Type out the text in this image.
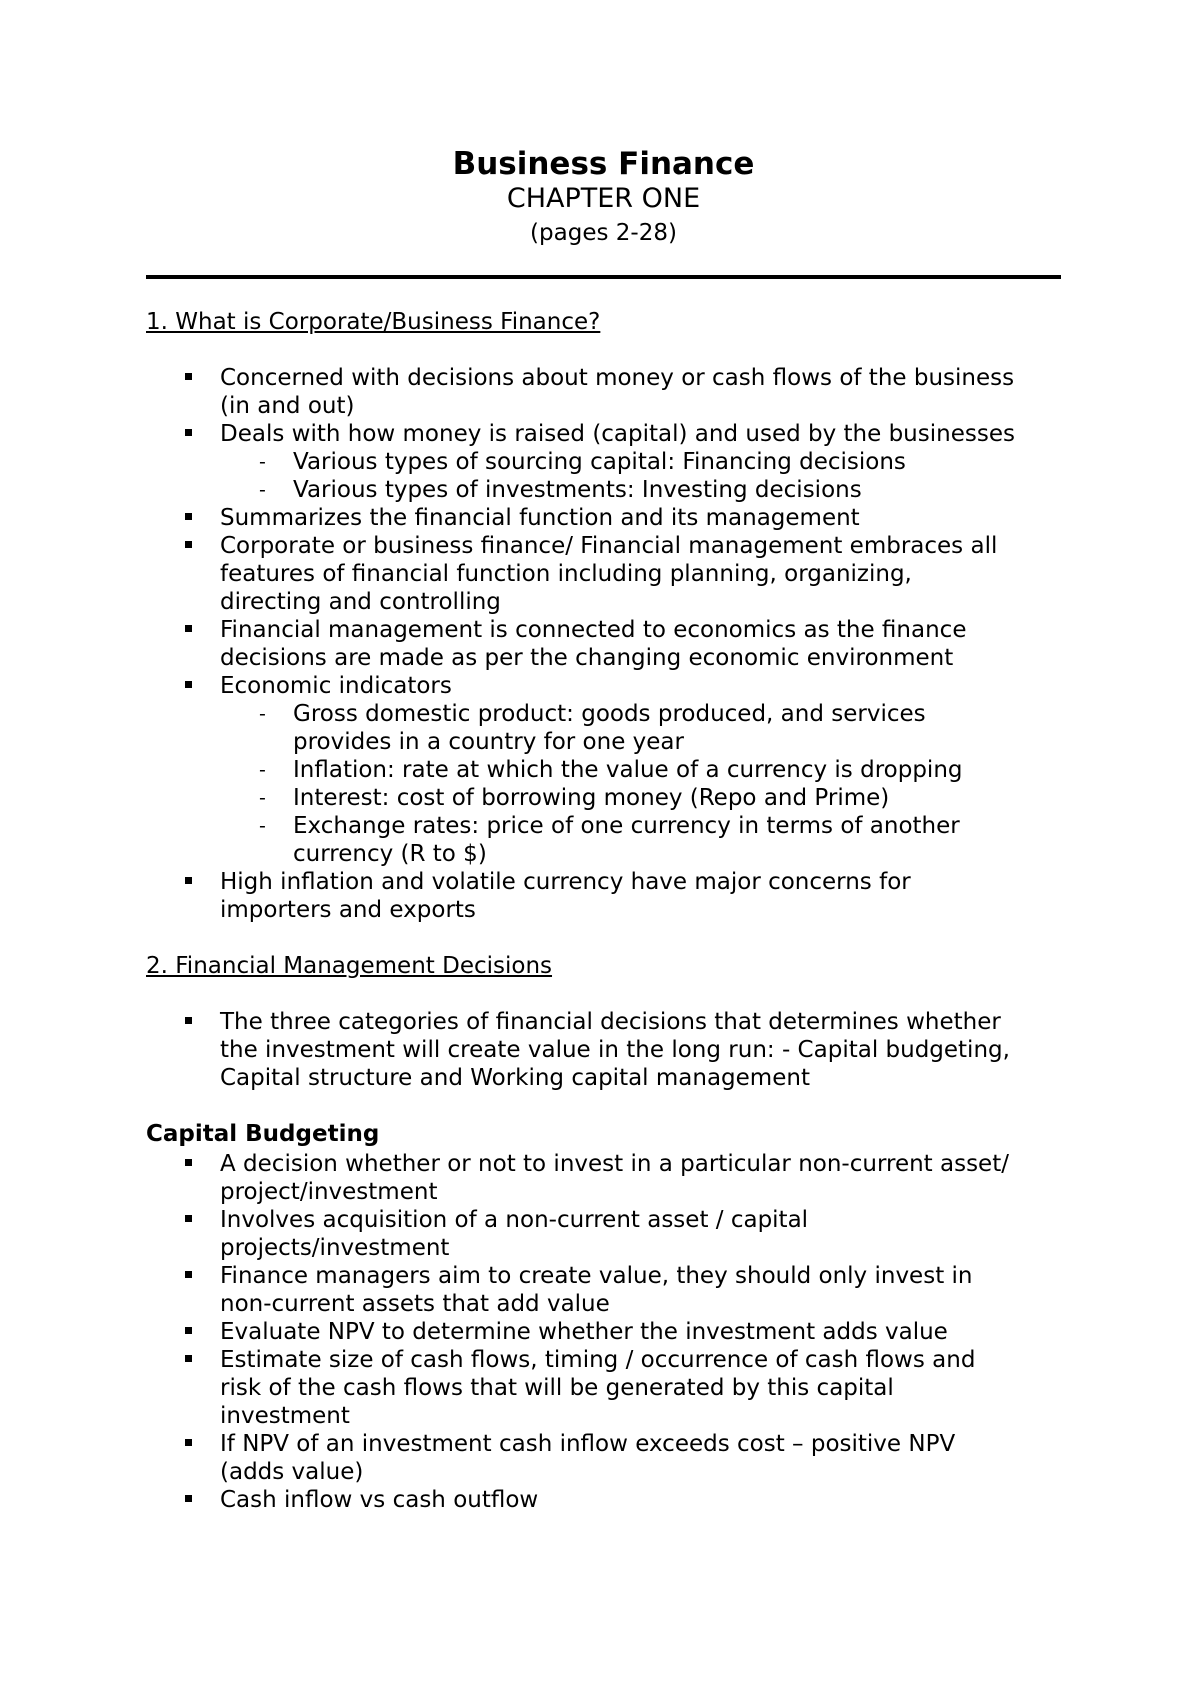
Business Finance
CHAPTER ONE
(pages 2-28)
1. What is Corporate/Business Finance?
Concerned with decisions about money or cash flows of the business
(in and out)
Deals with how money is raised (capital) and used by the businesses
- Various types of sourcing capital: Financing decisions
- Various types of investments: Investing decisions
Summarizes the financial function and its management
Corporate or business finance/ Financial management embraces all
features of financial function including planning, organizing,
directing and controlling
Financial management is connected to economics as the finance
decisions are made as per the changing economic environment
Economic indicators
- Gross domestic product: goods produced, and services
provides in a country for one year
- Inflation: rate at which the value of a currency is dropping
- Interest: cost of borrowing money (Repo and Prime)
- Exchange rates: price of one currency in terms of another
currency (R to $)
High inflation and volatile currency have major concerns for
importers and exports
2. Financial Management Decisions
The three categories of financial decisions that determines whether
the investment will create value in the long run: - Capital budgeting,
Capital structure and Working capital management
Capital Budgeting
A decision whether or not to invest in a particular non-current asset/
project/investment
Involves acquisition of a non-current asset / capital
projects/investment
Finance managers aim to create value, they should only invest in
non-current assets that add value
Evaluate NPV to determine whether the investment adds value
Estimate size of cash flows, timing / occurrence of cash flows and
risk of the cash flows that will be generated by this capital
investment
If NPV of an investment cash inflow exceeds cost – positive NPV
(adds value)
Cash inflow vs cash outflow
